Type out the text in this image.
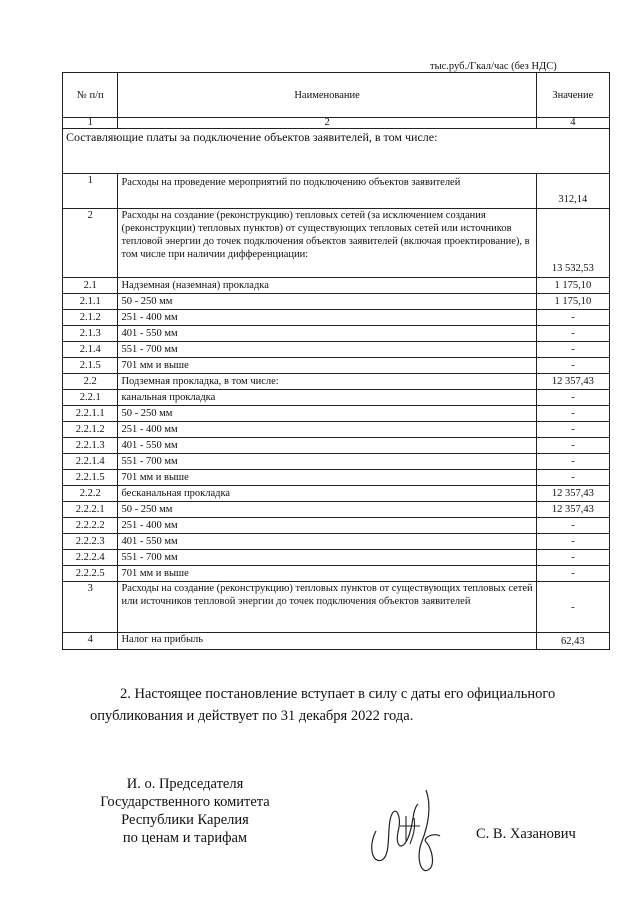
тыс.руб./Гкал/час (без НДС)
№ п/п	Наименование	Значение
1	2	4
Составляющие платы за подключение объектов заявителей, в том числе:		
1	Расходы на проведение мероприятий по подключению объектов заявителей	312,14
2	Расходы на создание (реконструкцию) тепловых сетей (за исключением создания (реконструкции) тепловых пунктов) от существующих тепловых сетей или источников тепловой энергии до точек подключения объектов заявителей (включая проектирование), в том числе при наличии дифференциации:	13 532,53
2.1	Надземная (наземная) прокладка	1 175,10
2.1.1	50 - 250 мм	1 175,10
2.1.2	251 - 400 мм	-
2.1.3	401 - 550 мм	-
2.1.4	551 - 700 мм	-
2.1.5	701 мм и выше	-
2.2	Подземная прокладка, в том числе:	12 357,43
2.2.1	канальная прокладка	-
2.2.1.1	50 - 250 мм	-
2.2.1.2	251 - 400 мм	-
2.2.1.3	401 - 550 мм	-
2.2.1.4	551 - 700 мм	-
2.2.1.5	701 мм и выше	-
2.2.2	бесканальная прокладка	12 357,43
2.2.2.1	50 - 250 мм	12 357,43
2.2.2.2	251 - 400 мм	-
2.2.2.3	401 - 550 мм	-
2.2.2.4	551 - 700 мм	-
2.2.2.5	701 мм и выше	-
3	Расходы на создание (реконструкцию) тепловых пунктов от существующих тепловых сетей или источников тепловой энергии до точек подключения объектов заявителей	-
4	Налог на прибыль	62,43
2. Настоящее постановление вступает в силу с даты его официального опубликования и действует по 31 декабря 2022 года.
И. о. Председателя
Государственного комитета
Республики Карелия
по ценам и тарифам	С. В. Хазанович
